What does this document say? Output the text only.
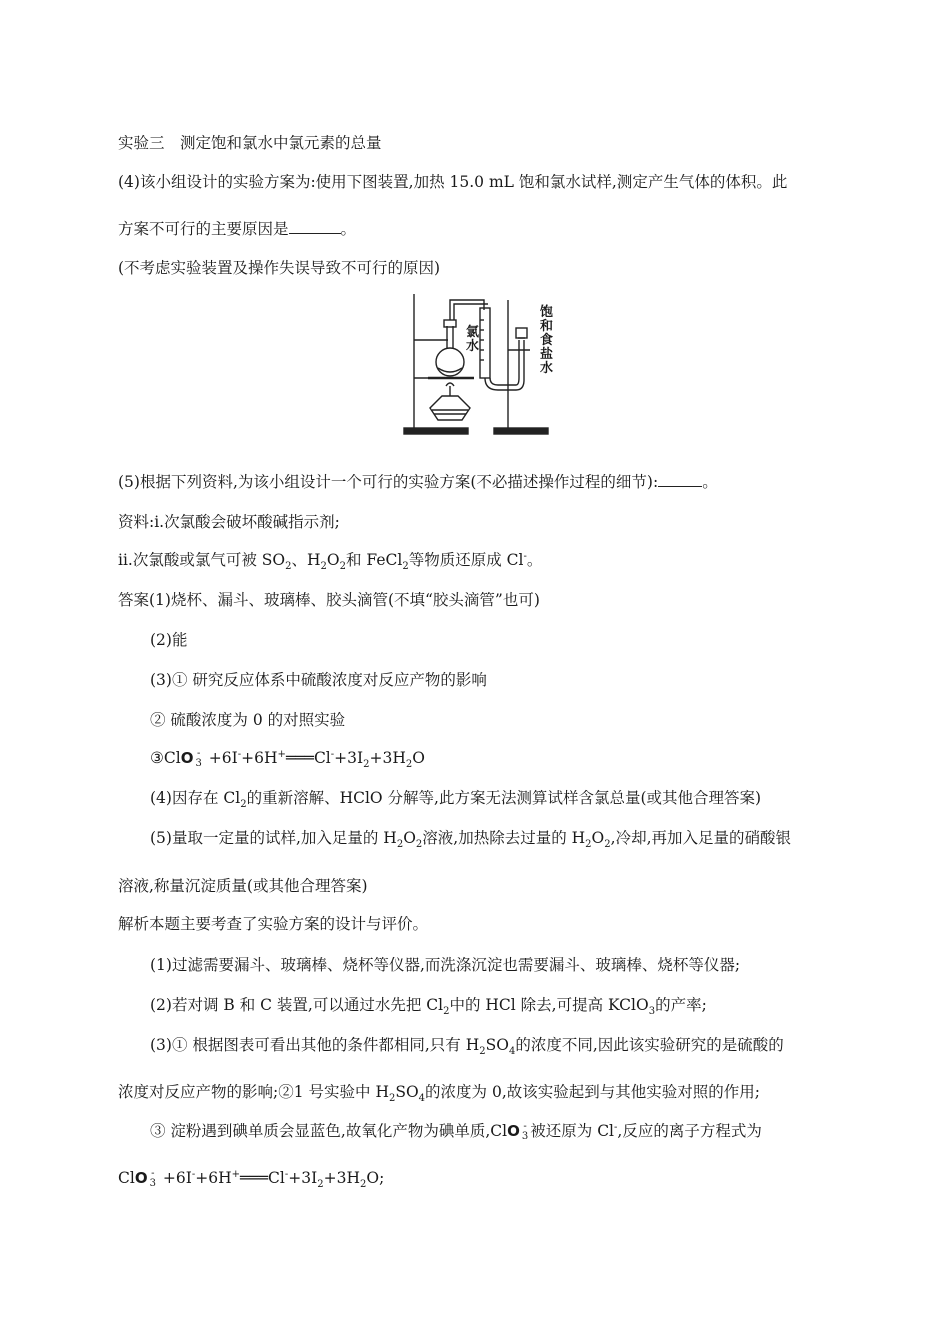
实验三　测定饱和氯水中氯元素的总量
(4)该小组设计的实验方案为:使用下图装置,加热 15.0 mL 饱和氯水试样,测定产生气体的体积。此
方案不可行的主要原因是	。
(不考虑实验装置及操作失误导致不可行的原因)
氯水
饱和食盐水
(5)根据下列资料,为该小组设计一个可行的实验方案(不必描述操作过程的细节):	。
资料:ⅰ.次氯酸会破坏酸碱指示剂;
ⅱ.次氯酸或氯气可被 $SO_2$、$H_2O_2$和 FeCl$_2$等物质还原成 Cl-。
答案(1)烧杯、漏斗、玻璃棒、胶头滴管(不填“胶头滴管”也可)
(2)能
(3)① 研究反应体系中硫酸浓度对反应产物的影响
② 硫酸浓度为 0 的对照实验
③ClO -
$3 +6I^-+6H^+═══Cl^-+3I_2+3H_2O$
(4)因存在 $Cl_2$的重新溶解、HClO 分解等,此方案无法测算试样含氯总量(或其他合理答案)
(5)量取一定量的试样,加入足量的 $H_2O_2$溶液,加热除去过量的 $H_2O_2$,冷却,再加入足量的硝酸银
溶液,称量沉淀质量(或其他合理答案)
解析本题主要考查了实验方案的设计与评价。
(1)过滤需要漏斗、玻璃棒、烧杯等仪器,而洗涤沉淀也需要漏斗、玻璃棒、烧杯等仪器;
(2)若对调 B 和 C 装置,可以通过水先把 $Cl_2$中的 HCl 除去,可提高 KClO$_3$的产率;
(3)① 根据图表可看出其他的条件都相同,只有 $H_2SO_4$的浓度不同,因此该实验研究的是硫酸的
浓度对反应产物的影响;②1 号实验中 $H_2SO_4$的浓度为 0,故该实验起到与其他实验对照的作用;
③ 淀粉遇到碘单质会显蓝色,故氧化产物为碘单质,ClO -
3 被还原为 Cl-,反应的离子方程式为
ClO -
$3 +6I^-+6H^+═══Cl^-+3I_2+3H_2O$;
